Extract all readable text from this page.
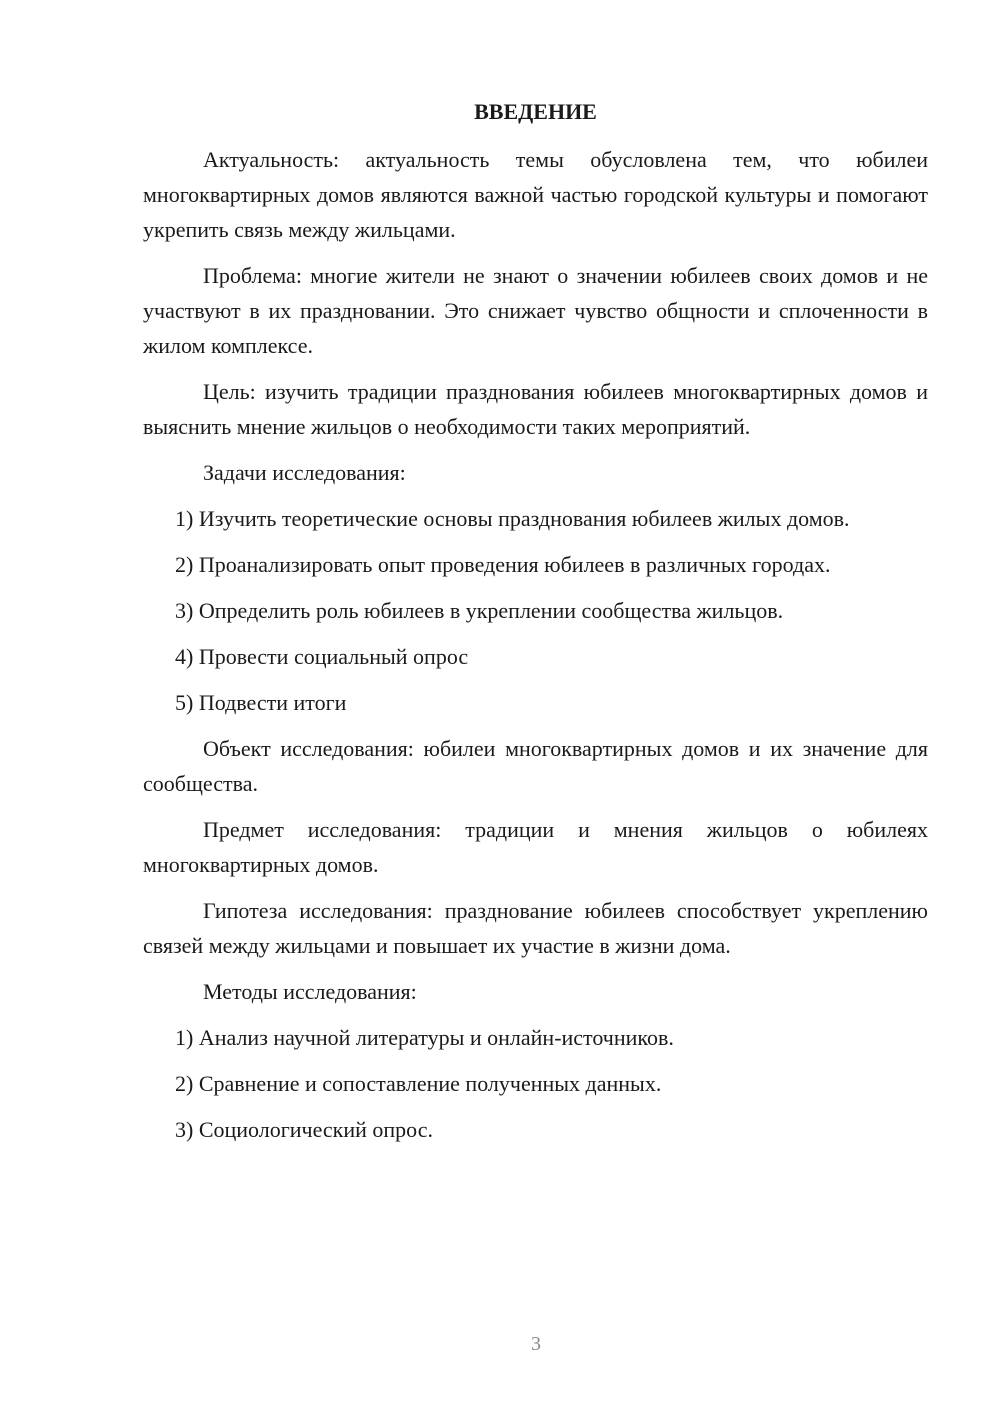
ВВЕДЕНИЕ

Актуальность: актуальность темы обусловлена тем, что юбилеи многоквартирных домов являются важной частью городской культуры и помогают укрепить связь между жильцами.

Проблема: многие жители не знают о значении юбилеев своих домов и не участвуют в их праздновании. Это снижает чувство общности и сплоченности в жилом комплексе.

Цель: изучить традиции празднования юбилеев многоквартирных домов и выяснить мнение жильцов о необходимости таких мероприятий.

Задачи исследования:

1) Изучить теоретические основы празднования юбилеев жилых домов.

2) Проанализировать опыт проведения юбилеев в различных городах.

3) Определить роль юбилеев в укреплении сообщества жильцов.

4) Провести социальный опрос

5) Подвести итоги

Объект исследования: юбилеи многоквартирных домов и их значение для сообщества.

Предмет исследования: традиции и мнения жильцов о юбилеях многоквартирных домов.

Гипотеза исследования: празднование юбилеев способствует укреплению связей между жильцами и повышает их участие в жизни дома.

Методы исследования:

1) Анализ научной литературы и онлайн-источников.

2) Сравнение и сопоставление полученных данных.

3) Социологический опрос.

3
